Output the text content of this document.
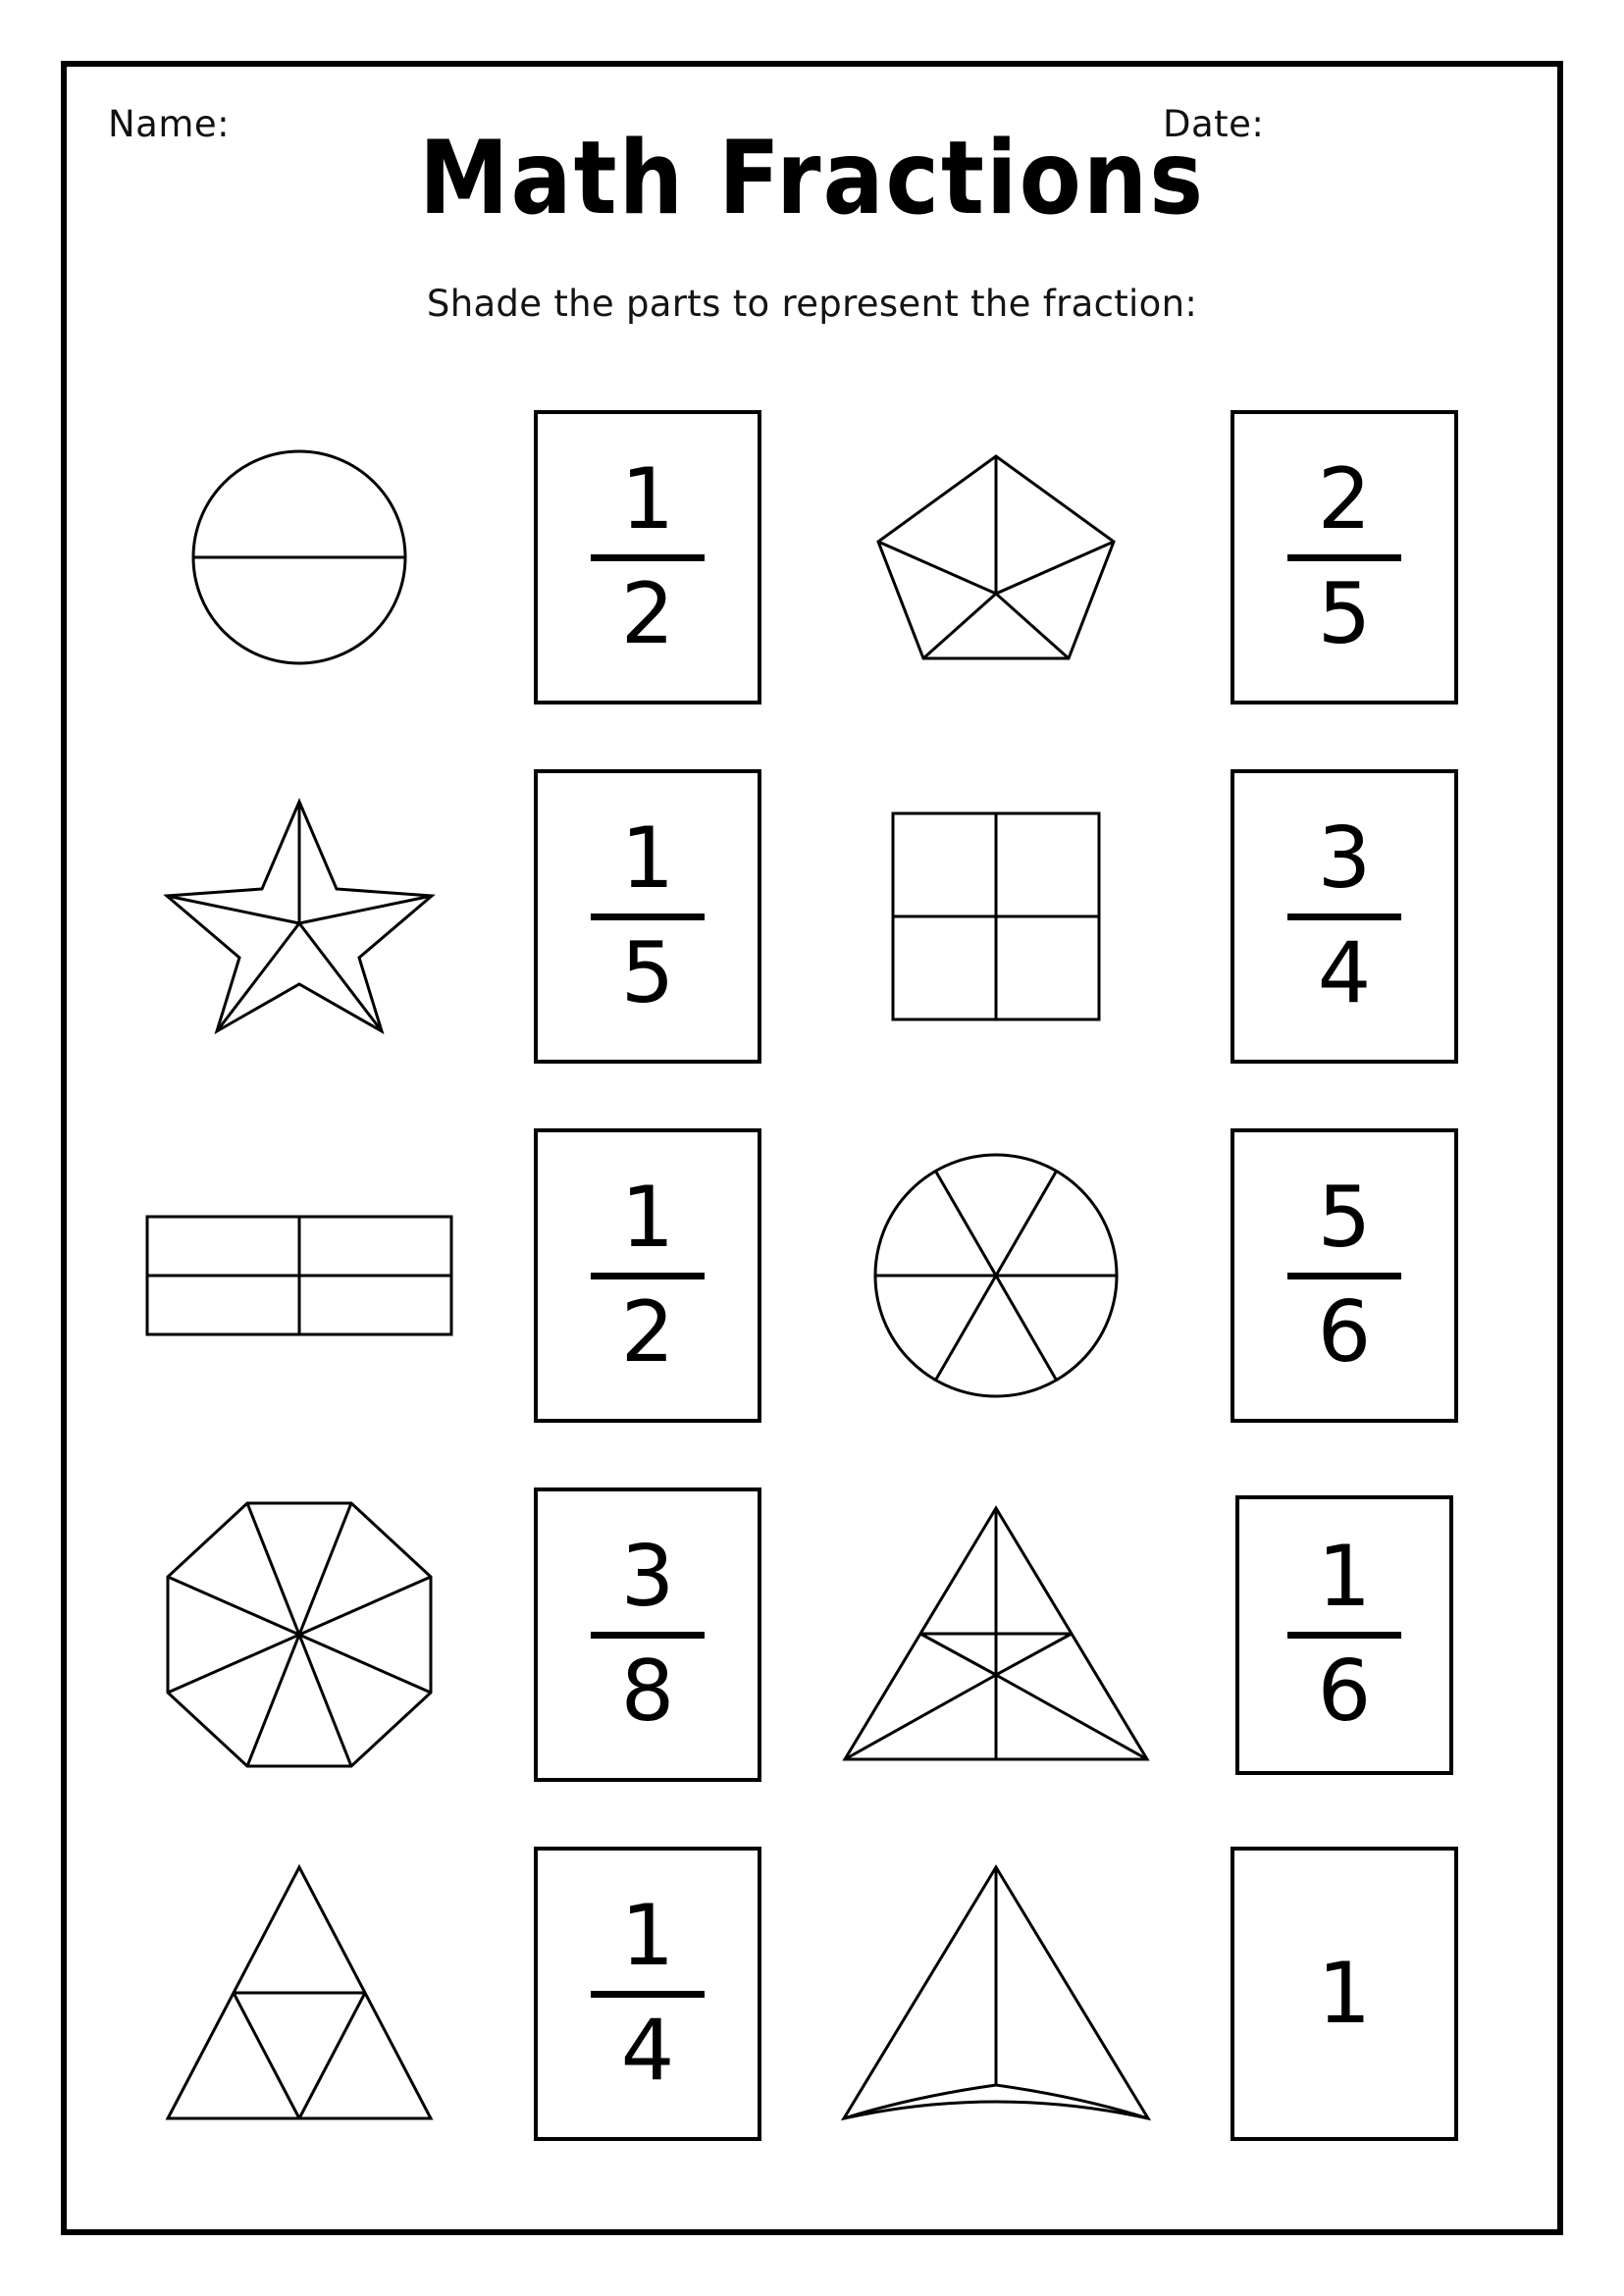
Name:	Date:
Math Fractions
Shade the parts to represent the fraction:
1
2
2
5
1
5
3
4
1
2
5
6
3
8
1
6
1
4
1
